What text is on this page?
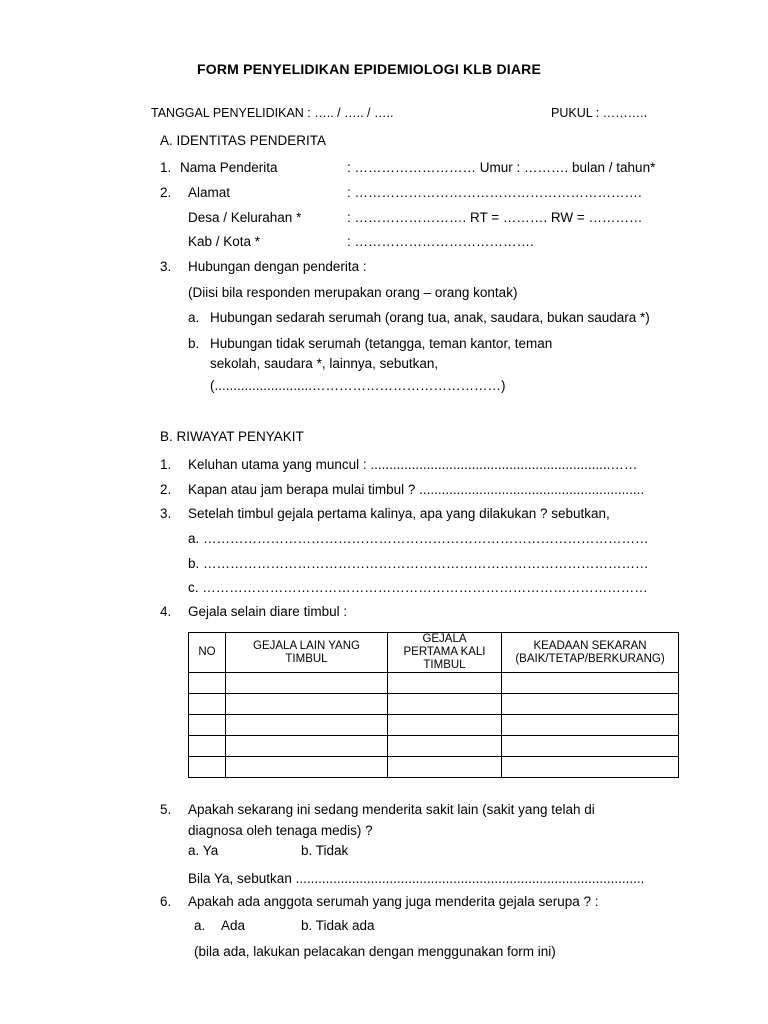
FORM PENYELIDIKAN EPIDEMIOLOGI KLB DIARE
TANGGAL PENYELIDIKAN : ….. / ….. / …..	PUKUL : ………..
A. IDENTITAS PENDERITA
1. Nama Penderita	: ……………………… Umur : ………. bulan / tahun*
2. Alamat	: ……………………………………………………….
Desa / Kelurahan *	: ……………………. RT = ………. RW = …………
Kab / Kota *	: ………………………………….
3. Hubungan dengan penderita :
(Diisi bila responden merupakan orang – orang kontak)
a. Hubungan sedarah serumah (orang tua, anak, saudara, bukan saudara *)
b. Hubungan tidak serumah (tetangga, teman kantor, teman
sekolah, saudara *, lainnya, sebutkan,
(..........................……………………………………)
B. RIWAYAT PENYAKIT
1. Keluhan utama yang muncul : ................................................................……
2. Kapan atau jam berapa mulai timbul ? ............................................................
3. Setelah timbul gejala pertama kalinya, apa yang dilakukan ? sebutkan,
a. ………………………………………………………………………………………
b. ………………………………………………………………………………………
c. ………………………………………………………………………………………
4. Gejala selain diare timbul :
NO	GEJALA LAIN YANG TIMBUL	GEJALA PERTAMA KALI TIMBUL	KEADAAN SEKARAN
(BAIK/TETAP/BERKURANG)

5. Apakah sekarang ini sedang menderita sakit lain (sakit yang telah di
diagnosa oleh tenaga medis) ?
a. Ya	b. Tidak
Bila Ya, sebutkan .............................................................................................
6. Apakah ada anggota serumah yang juga menderita gejala serupa ? :
a. Ada	b. Tidak ada
(bila ada, lakukan pelacakan dengan menggunakan form ini)
